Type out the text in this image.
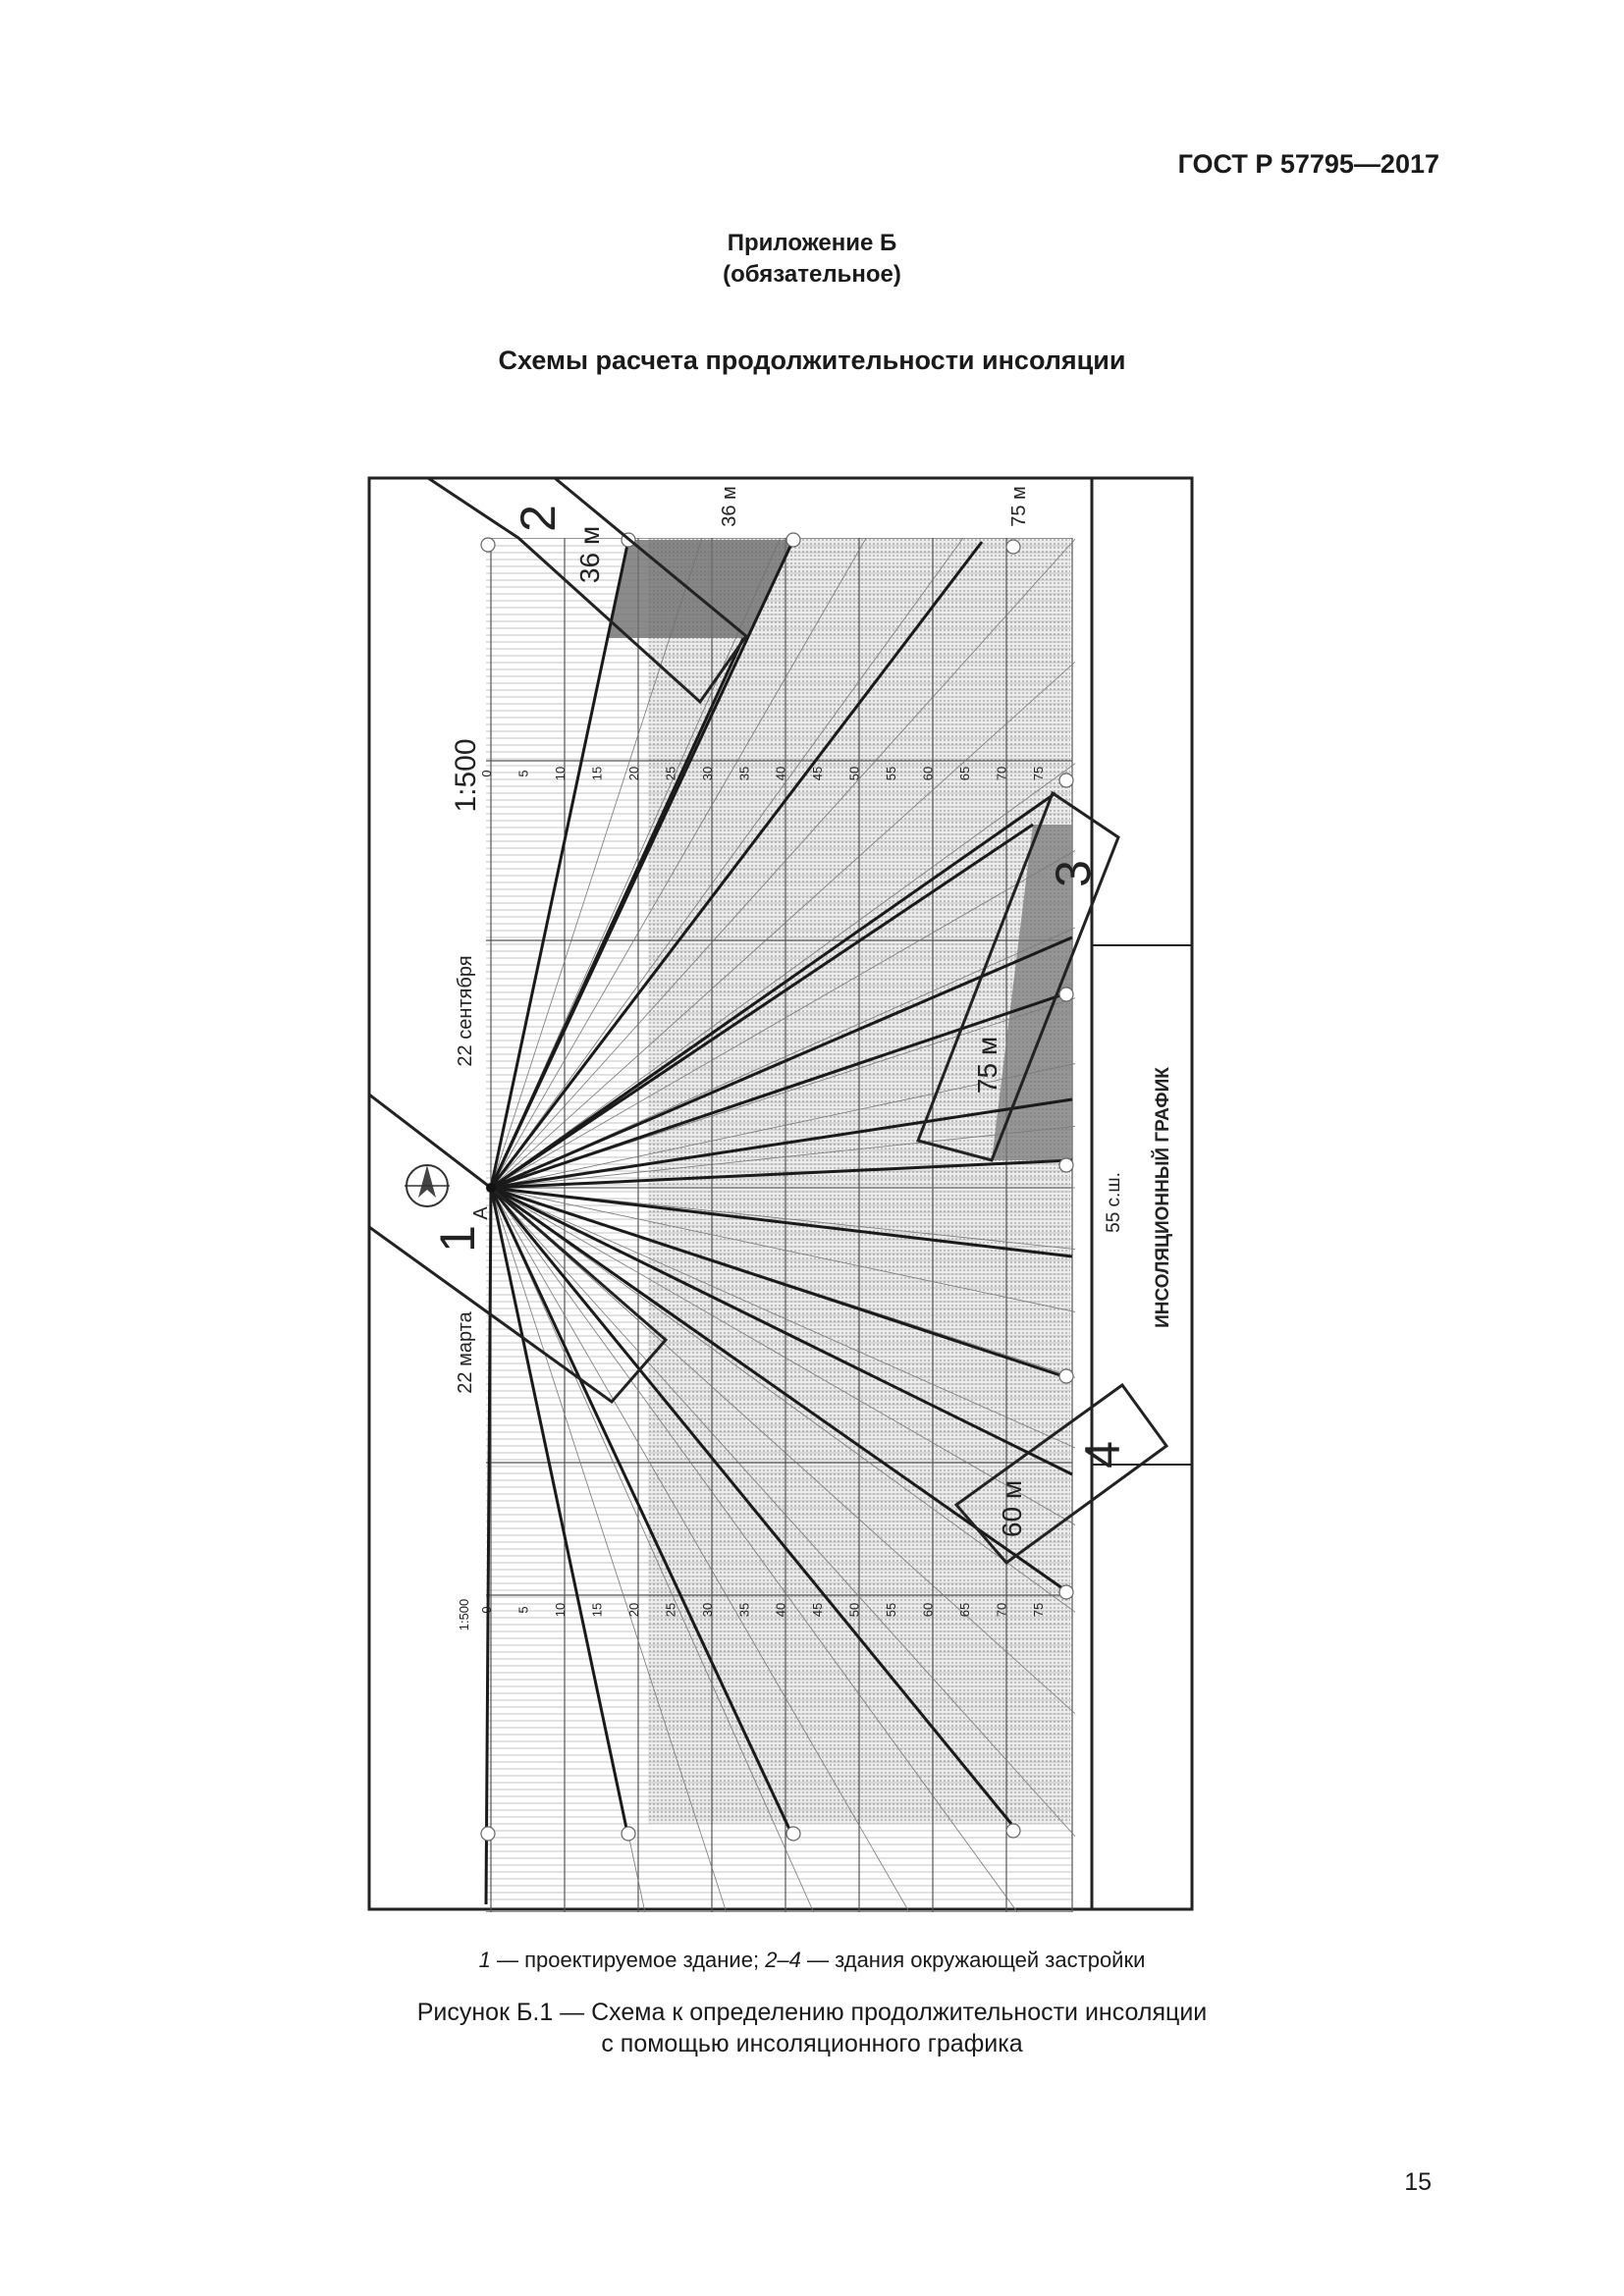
ГОСТ Р 57795—2017
Приложение Б
(обязательное)
Схемы расчета продолжительности инсоляции
0 5 10 15 20 25 30 35 40 45 50 55 60 65 70 75
0 5 10 15 20 25 30 35 40 45 50 55 60 65 70 75
1:500
1:500
22 сентября
22 марта
55 с.ш. ИНСОЛЯЦИОННЫЙ ГРАФИК
А
1
2
36 м
3
75 м
4
60 м
36 м	75 м
1 — проектируемое здание; 2–4 — здания окружающей застройки
Рисунок Б.1 — Схема к определению продолжительности инсоляции
с помощью инсоляционного графика
15
